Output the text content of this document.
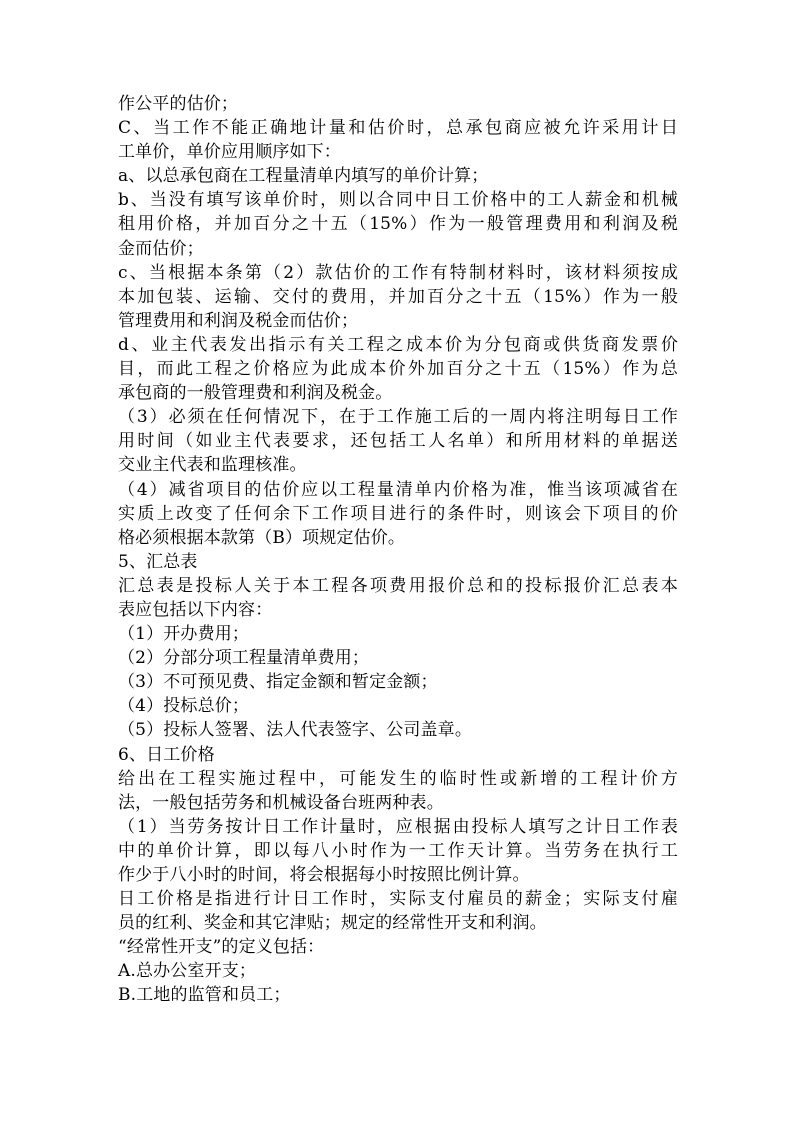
作公平的估价；
C、当工作不能正确地计量和估价时，总承包商应被允许采用计日
工单价，单价应用顺序如下：
a、以总承包商在工程量清单内填写的单价计算；
b、当没有填写该单价时，则以合同中日工价格中的工人薪金和机械
租用价格，并加百分之十五（15%）作为一般管理费用和利润及税
金而估价；
c、当根据本条第（2）款估价的工作有特制材料时，该材料须按成
本加包装、运输、交付的费用，并加百分之十五（15%）作为一般
管理费用和利润及税金而估价；
d、业主代表发出指示有关工程之成本价为分包商或供货商发票价
目，而此工程之价格应为此成本价外加百分之十五（15%）作为总
承包商的一般管理费和利润及税金。
（3）必须在任何情况下，在于工作施工后的一周内将注明每日工作
用时间（如业主代表要求，还包括工人名单）和所用材料的单据送
交业主代表和监理核准。
（4）减省项目的估价应以工程量清单内价格为准，惟当该项减省在
实质上改变了任何余下工作项目进行的条件时，则该会下项目的价
格必须根据本款第（B）项规定估价。
5、汇总表
汇总表是投标人关于本工程各项费用报价总和的投标报价汇总表本
表应包括以下内容：
（1）开办费用；
（2）分部分项工程量清单费用；
（3）不可预见费、指定金额和暂定金额；
（4）投标总价；
（5）投标人签署、法人代表签字、公司盖章。
6、日工价格
给出在工程实施过程中，可能发生的临时性或新增的工程计价方
法，一般包括劳务和机械设备台班两种表。
（1）当劳务按计日工作计量时，应根据由投标人填写之计日工作表
中的单价计算，即以每八小时作为一工作天计算。当劳务在执行工
作少于八小时的时间，将会根据每小时按照比例计算。
日工价格是指进行计日工作时，实际支付雇员的薪金；实际支付雇
员的红利、奖金和其它津贴；规定的经常性开支和利润。
“经常性开支”的定义包括：
A.总办公室开支；
B.工地的监管和员工；
